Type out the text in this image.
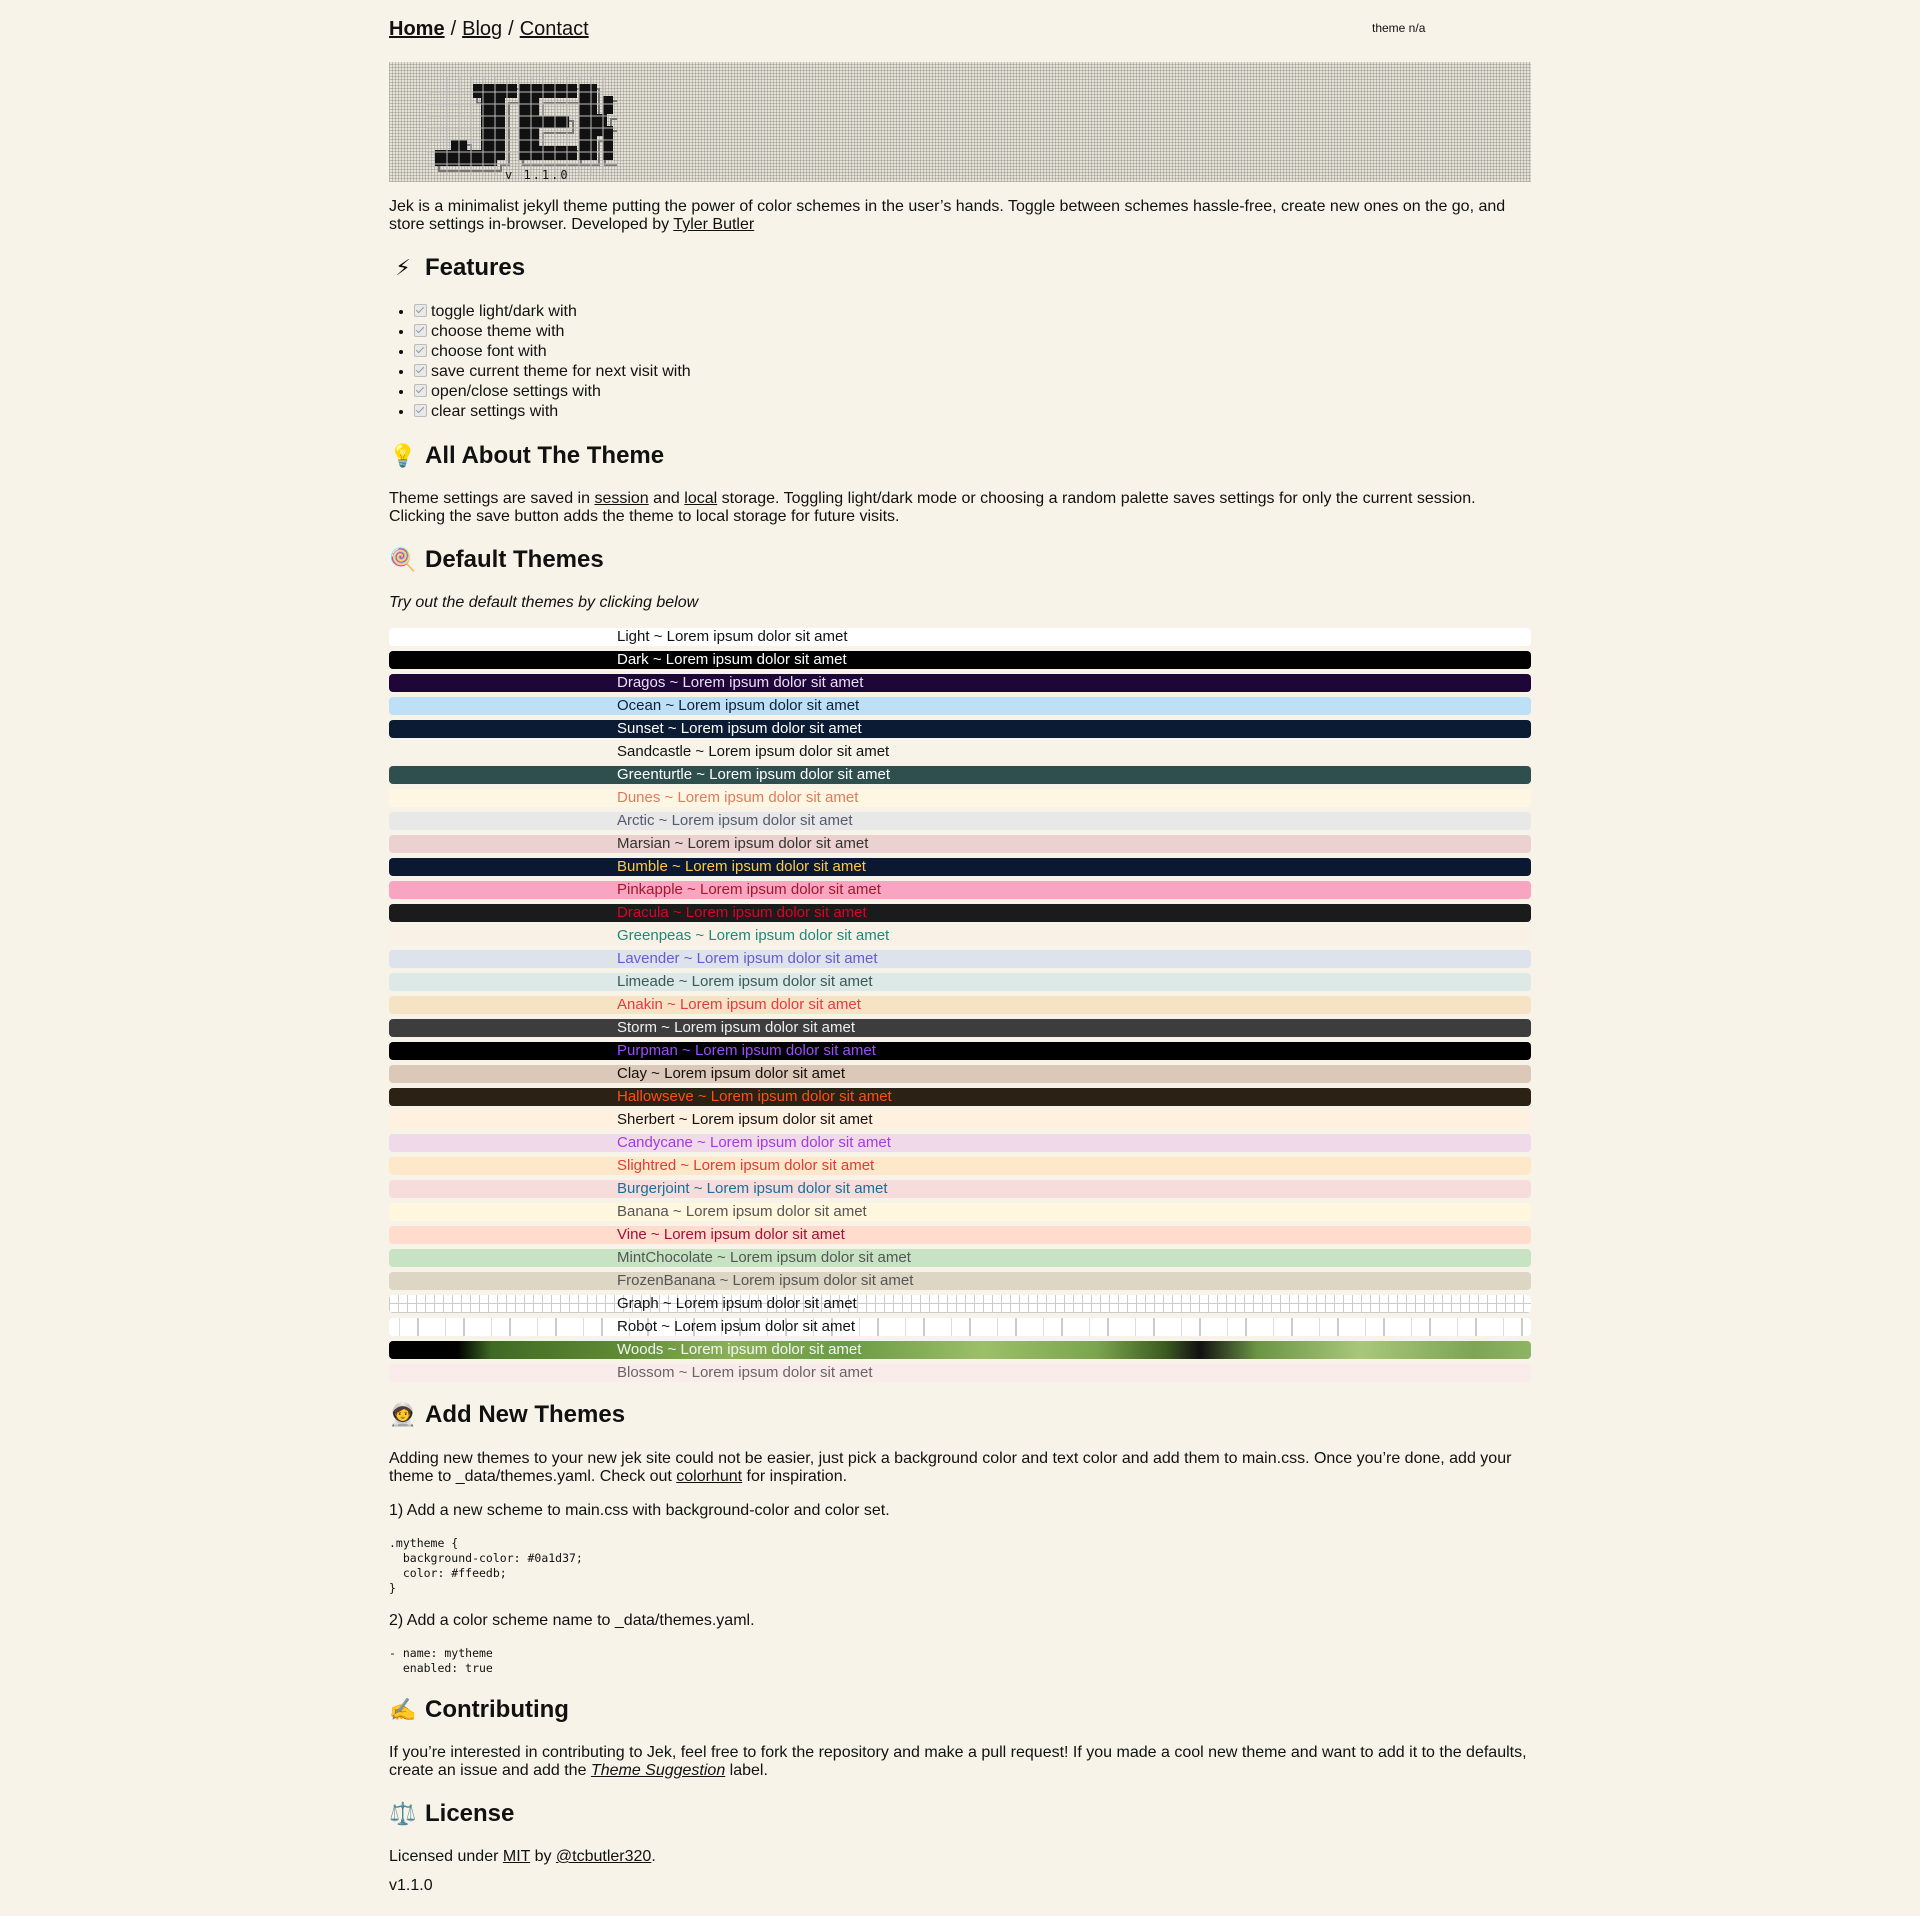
Home / Blog / Contact	theme n/a
v 1.1.0

Jek is a minimalist jekyll theme putting the power of color schemes in the user’s hands. Toggle between schemes hassle-free, create new ones on the go, and store settings in-browser. Developed by Tyler Butler

⚡ Features
• toggle light/dark with
• choose theme with
• choose font with
• save current theme for next visit with
• open/close settings with
• clear settings with
💡 All About The Theme

Theme settings are saved in session and local storage. Toggling light/dark mode or choosing a random palette saves settings for only the current session. Clicking the save button adds the theme to local storage for future visits.

🍭 Default Themes

Try out the default themes by clicking below

Light ~ Lorem ipsum dolor sit amet
Dark ~ Lorem ipsum dolor sit amet
Dragos ~ Lorem ipsum dolor sit amet
Ocean ~ Lorem ipsum dolor sit amet
Sunset ~ Lorem ipsum dolor sit amet
Sandcastle ~ Lorem ipsum dolor sit amet
Greenturtle ~ Lorem ipsum dolor sit amet
Dunes ~ Lorem ipsum dolor sit amet
Arctic ~ Lorem ipsum dolor sit amet
Marsian ~ Lorem ipsum dolor sit amet
Bumble ~ Lorem ipsum dolor sit amet
Pinkapple ~ Lorem ipsum dolor sit amet
Dracula ~ Lorem ipsum dolor sit amet
Greenpeas ~ Lorem ipsum dolor sit amet
Lavender ~ Lorem ipsum dolor sit amet
Limeade ~ Lorem ipsum dolor sit amet
Anakin ~ Lorem ipsum dolor sit amet
Storm ~ Lorem ipsum dolor sit amet
Purpman ~ Lorem ipsum dolor sit amet
Clay ~ Lorem ipsum dolor sit amet
Hallowseve ~ Lorem ipsum dolor sit amet
Sherbert ~ Lorem ipsum dolor sit amet
Candycane ~ Lorem ipsum dolor sit amet
Slightred ~ Lorem ipsum dolor sit amet
Burgerjoint ~ Lorem ipsum dolor sit amet
Banana ~ Lorem ipsum dolor sit amet
Vine ~ Lorem ipsum dolor sit amet
MintChocolate ~ Lorem ipsum dolor sit amet
FrozenBanana ~ Lorem ipsum dolor sit amet
Graph ~ Lorem ipsum dolor sit amet
Robot ~ Lorem ipsum dolor sit amet
Woods ~ Lorem ipsum dolor sit amet
Blossom ~ Lorem ipsum dolor sit amet
🧑‍🚀 Add New Themes

Adding new themes to your new jek site could not be easier, just pick a background color and text color and add them to main.css. Once you’re done, add your theme to _data/themes.yaml. Check out colorhunt for inspiration.

1) Add a new scheme to main.css with background-color and color set.

.mytheme {
background-color: #0a1d37;
color: #ffeedb;
}

2) Add a color scheme name to _data/themes.yaml.

- name: mytheme
enabled: true
✍️ Contributing

If you’re interested in contributing to Jek, feel free to fork the repository and make a pull request! If you made a cool new theme and want to add it to the defaults, create an issue and add the Theme Suggestion label.

⚖️ License

Licensed under MIT by @tcbutler320.

v1.1.0
